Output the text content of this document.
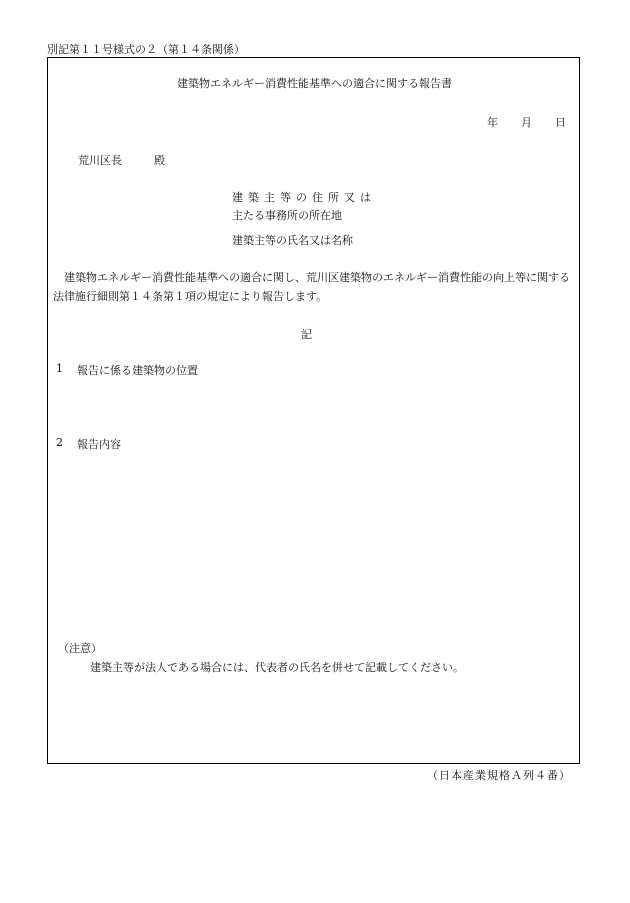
別記第１１号様式の２（第１４条関係）
建築物エネルギー消費性能基準への適合に関する報告書
年 月 日
荒川区長	殿
建築主等の住所又は
主たる事務所の所在地
建築主等の氏名又は名称
建築物エネルギー消費性能基準への適合に関し、荒川区建築物のエネルギー消費性能の向上等に関する
法律施行細則第１４条第１項の規定により報告します。
記
1 報告に係る建築物の位置
2 報告内容
（注意）
建築主等が法人である場合には、代表者の氏名を併せて記載してください。
（日本産業規格Ａ列４番）
